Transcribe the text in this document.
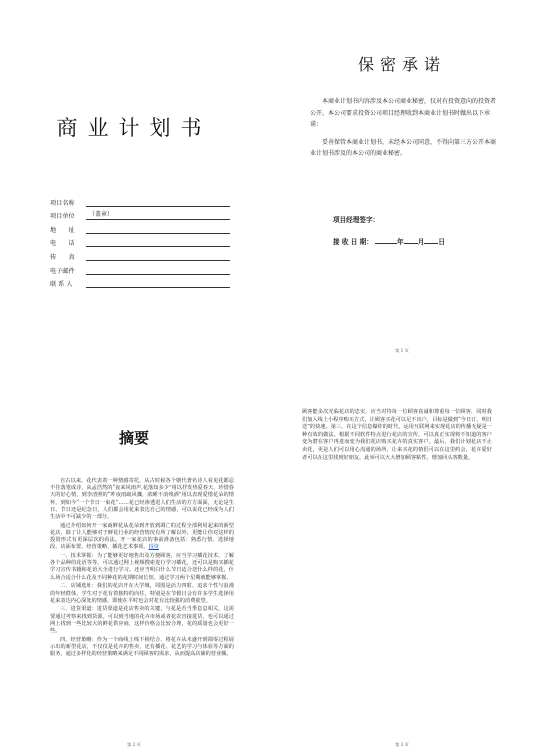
商业计划书
项目名称
项目单位	（盖章）
地　　址
电　　话
传　　真
电子邮件
联 系 人
保密承诺

本商业计划书内容涉及本公司商业秘密，仅对有投资意向的投资者公开。本公司要求投资公司项目经理收到本商业计划书时做出以下承诺：

妥善保管本商业计划书，未经本公司同意，不得向第三方公开本商业计划书涉及的本公司的商业秘密。

项目经理签字：
接 收 日 期：	年 月 日
第 1 页
摘要

自古以来，花代表着一种情感寄托。从古时候各个朝代著名诗人看见花都忍不住落笔成诗，从孟浩然的“夜来风雨声,花落知多少”用以抒发热爱春天、珍惜春天的好心情，到李清照的“昨夜雨疏风骤，浓睡不消残酒”用以表现爱惜花朵的情怀，到如今“一个节日一束花”……花已经渗透进人们生活的方方面面，无论是生日、节日还是纪念日，人们都会用花来表达自己的情感，可以说花已经成为人们生活中不可缺少的一部分。

通过介绍如何开一家商鲜花从花朵到开放到凋亡的过程全部利用起来的新型花店，除了让人能够对于鲜花行业的经营情况有所了解以外，更能让你对这样的投资形式有更深层次的看法。开一家花店的事前准备包括：熟悉行情、选择地段、店面布置、经营策略、插花艺术事项、投资

一、技术掌握：为了能够更好地售出及方便顾客，应当学习插花技术，了解各个品种的花语等等。可以通过网上视频搜索进行学习插花，还可以是购买插花学习宣传书籍和花语大全进行学习。还应当明白什么节日适合送什么样的花，什么场合适合什么花及不同种花的花期时间长短。通过学习两个星期就能够掌握。

二、店铺选址：我们的花店开在大学城，周围是活力四射、追求个性与浪漫的年轻群体，学生对于花有着独特的向往，特别是在节假日会有许多学生选择用花来表达内心深处的情感，即使在平时也会对花有比较强的消费欲望。

三、进货渠道：进货渠道是花店售卖的关键，与花是否当季息息相关，这需要通过考察来找到货源。可以到当地的花卉市场或者花农直接进货，也可以通过网上找到一些比较大的鲜花供应商，这样价格会比较合理，花的质量也会更好一些。

四、经营策略：作为一个商线上线下相结合、将花卉从未盛开到凋零过程展示出的新型花店，不仅仅是花卉的售卖，还有插花、花艺的学习与体验等方面的服务，通过多样化的经营策略来满足不同顾客的需求，从而提高店铺的营业额。

第 2 页
顾客能多次光临花店的忠实、应当对待每一位顾客真诚和尊重每一位顾客，同时我们加入线上小程序购买方式，让顾客买花可以足不出户，目标是做到“今日订，明日送”的快速。第三，在这个信息爆炸的时代，运用互联网来实现花店的传播无疑是一种有效的做法。根据不同软件特点进行花店的宣传，可以真正实现将不知道的客户变为潜在客户再进而变为我们花店购买花卉的真实客户。最后，我们计划花店不止卖花，更是人们可以用心沟通的场所，让来买花的情侣可以在这里约会，花卉爱好者可以在这里找到好朋友，此举可以大大增加顾客粘性，增加回头客数量。
第 3 页
